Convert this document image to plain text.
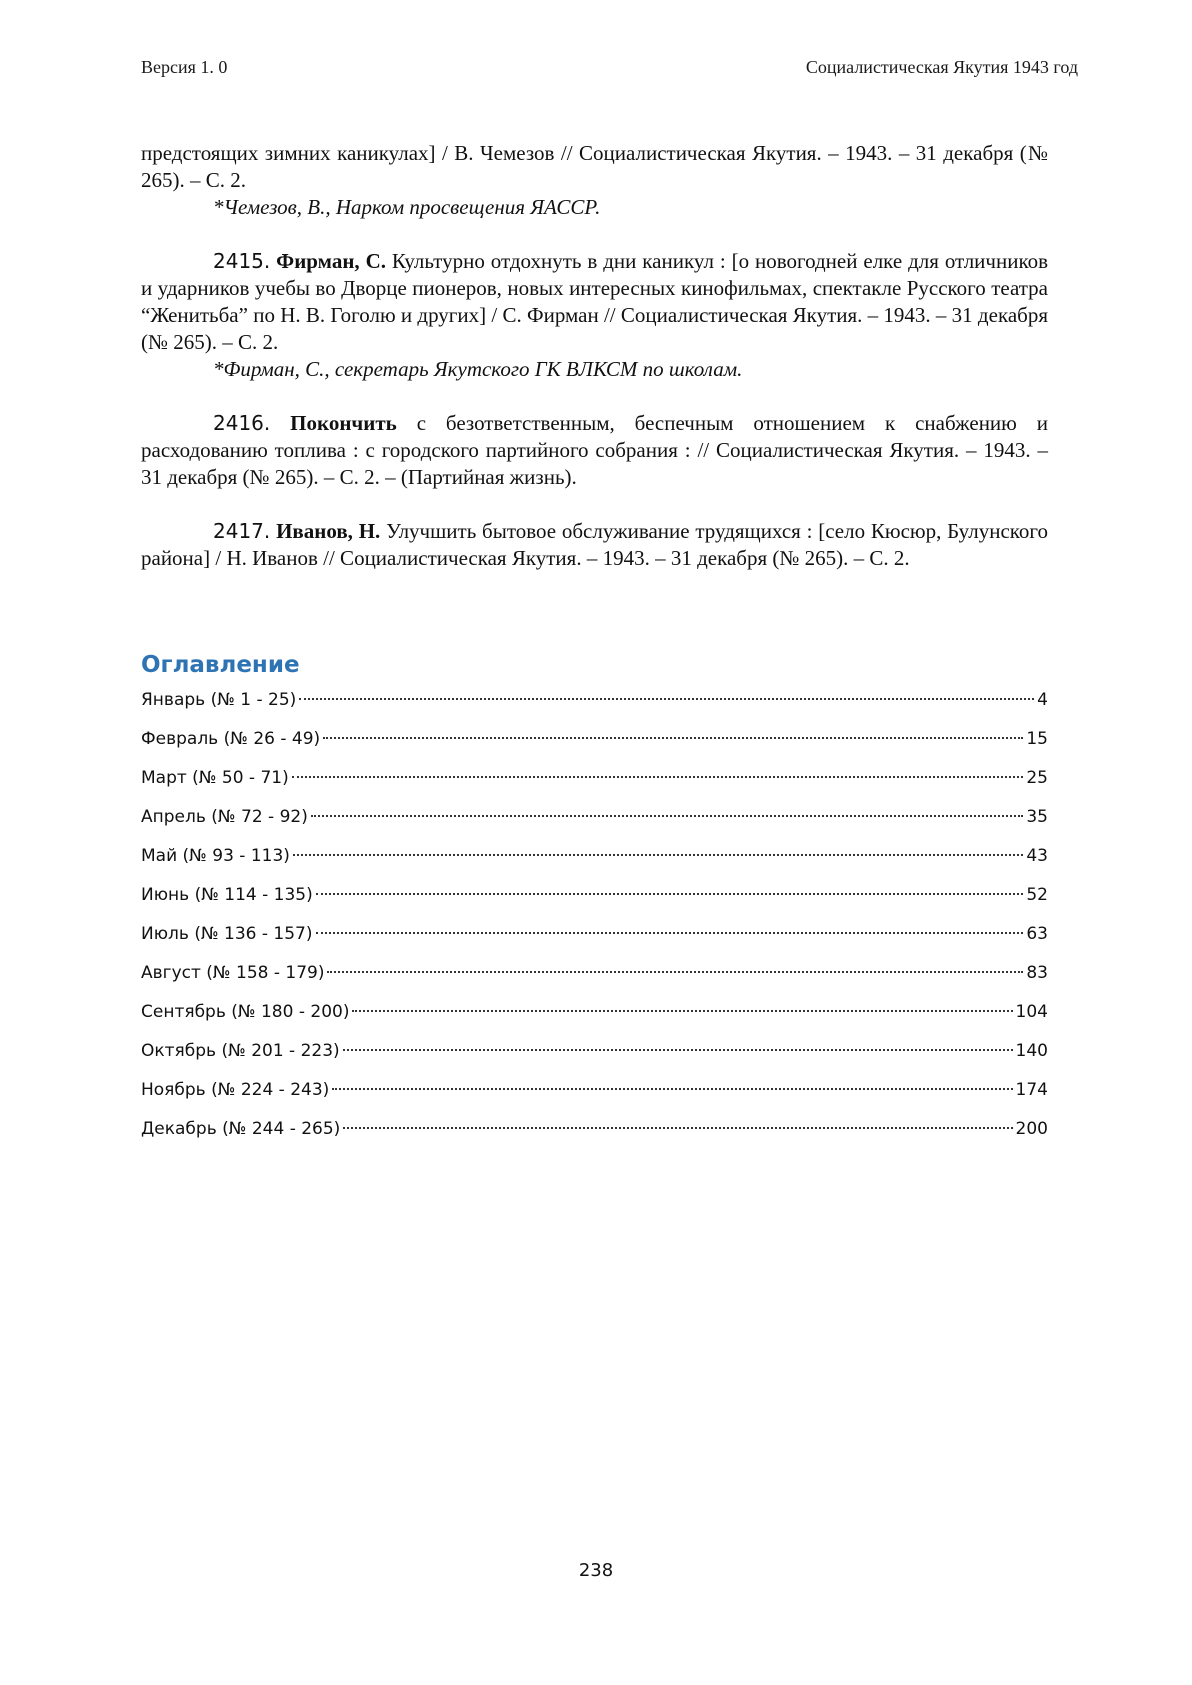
Версия 1. 0	Социалистическая Якутия 1943 год

предстоящих зимних каникулах] / В. Чемезов // Социалистическая Якутия. – 1943. – 31 декабря (№ 265). – С. 2.

*Чемезов, В., Нарком просвещения ЯАССР.

2415. Фирман, С. Культурно отдохнуть в дни каникул : [о новогодней елке для отличников и ударников учебы во Дворце пионеров, новых интересных кинофильмах, спектакле Русского театра “Женитьба” по Н. В. Гоголю и других] / С. Фирман // Социалистическая Якутия. – 1943. – 31 декабря (№ 265). – С. 2.

*Фирман, С., секретарь Якутского ГК ВЛКСМ по школам.

2416. Покончить с безответственным, беспечным отношением к снабжению и расходованию топлива : с городского партийного собрания : // Социалистическая Якутия. – 1943. – 31 декабря (№ 265). – С. 2. – (Партийная жизнь).

2417. Иванов, Н. Улучшить бытовое обслуживание трудящихся : [село Кюсюр, Булунского района] / Н. Иванов // Социалистическая Якутия. – 1943. – 31 декабря (№ 265). – С. 2.

Оглавление
Январь (№ 1 - 25)	4
Февраль (№ 26 - 49)	15
Март (№ 50 - 71)	25
Апрель (№ 72 - 92)	35
Май (№ 93 - 113)	43
Июнь (№ 114 - 135)	52
Июль (№ 136 - 157)	63
Август (№ 158 - 179)	83
Сентябрь (№ 180 - 200)	104
Октябрь (№ 201 - 223)	140
Ноябрь (№ 224 - 243)	174
Декабрь (№ 244 - 265)	200
238
